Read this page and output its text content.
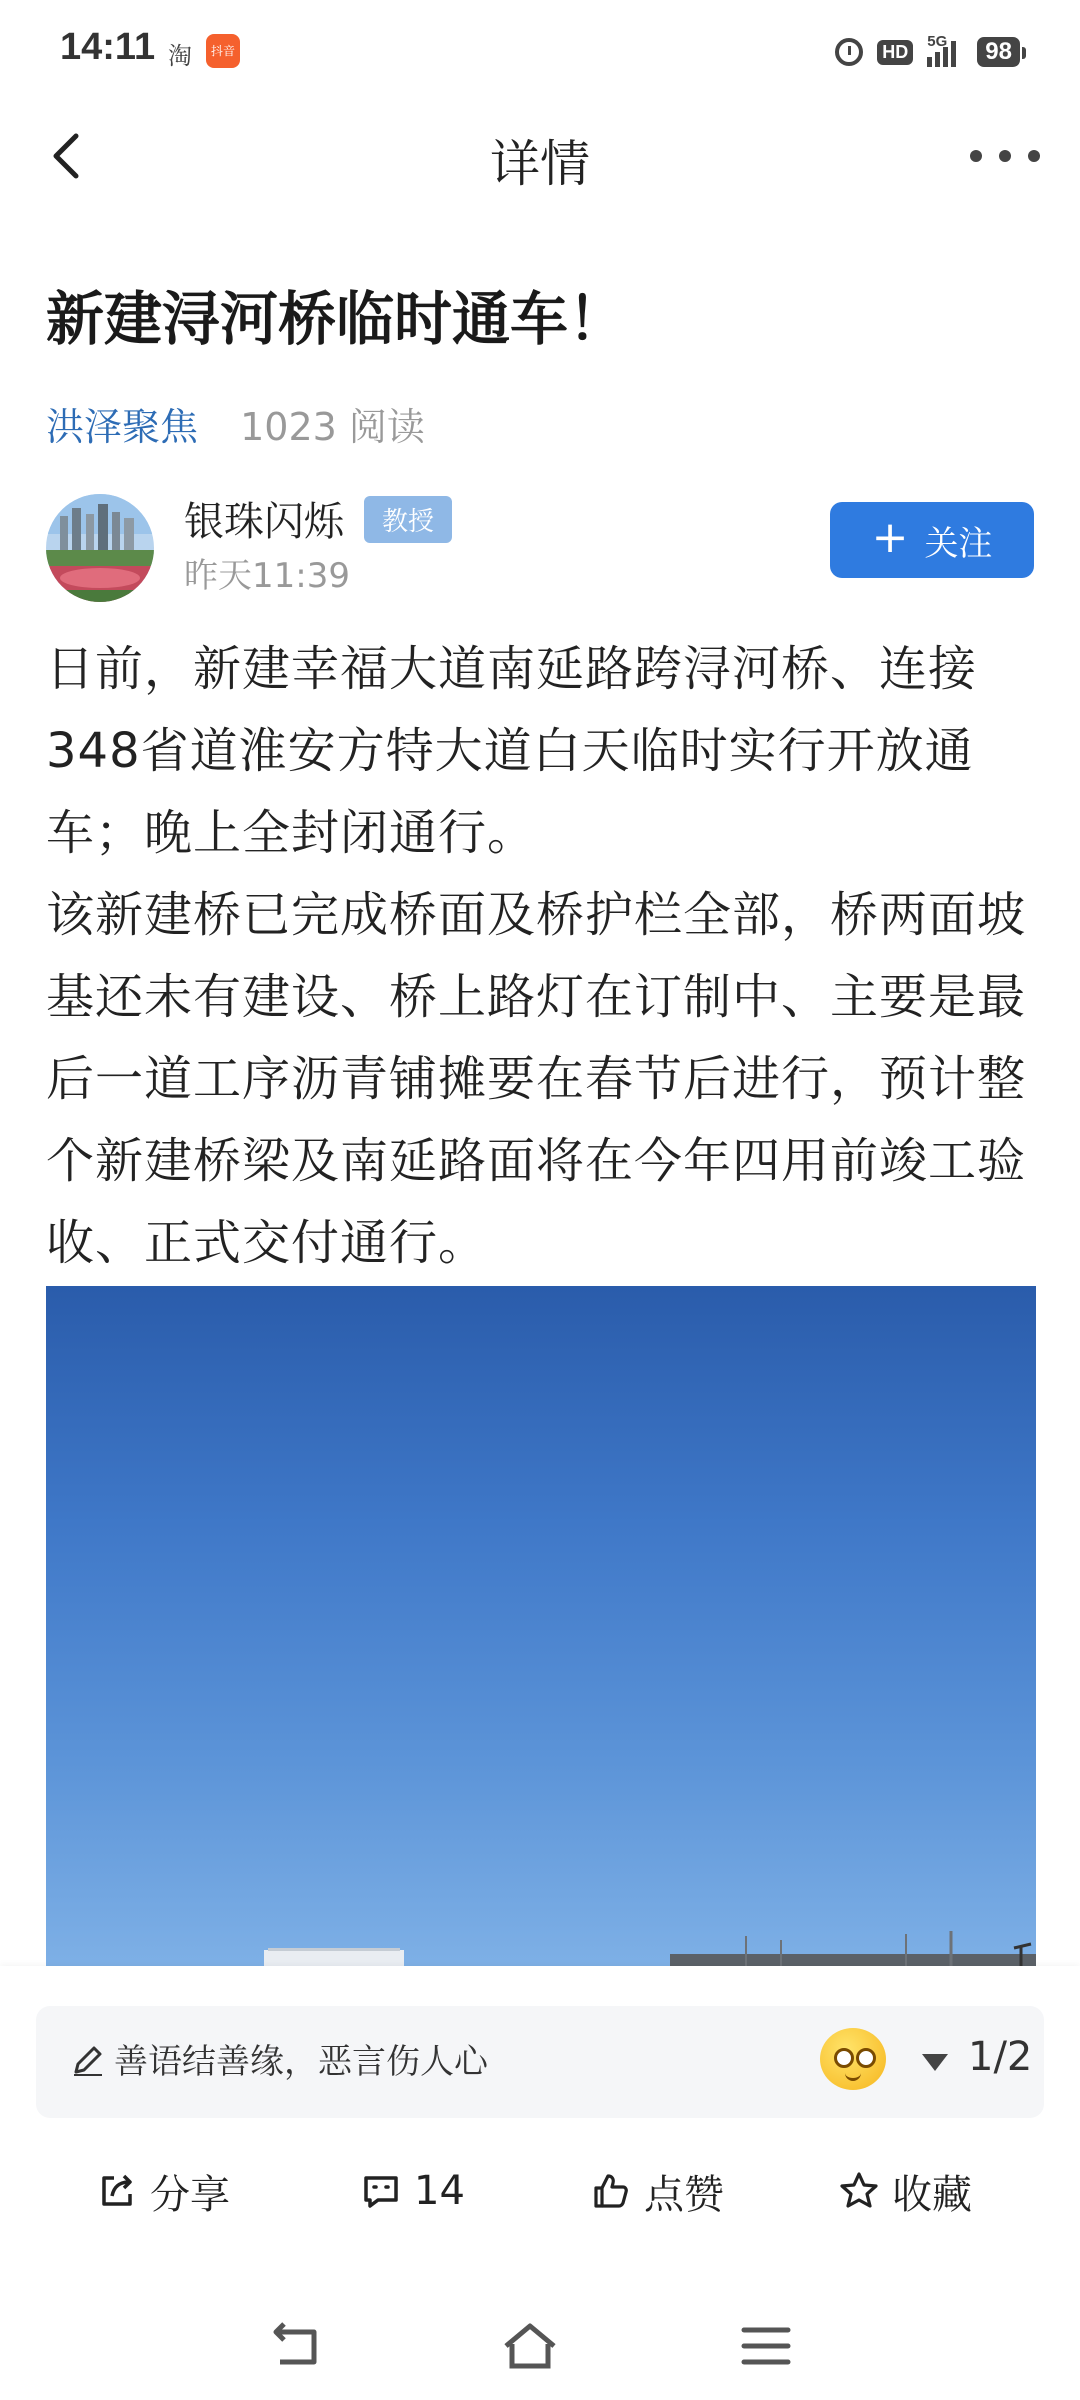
14:11 淘	抖音	HD	5G	98
详情
新建浔河桥临时通车！
洪泽聚焦 1023 阅读
银珠闪烁	教授
昨天11:39
+ 关注

日前，新建幸福大道南延路跨浔河桥、连接348省道淮安方特大道白天临时实行开放通车；晚上全封闭通行。

该新建桥已完成桥面及桥护栏全部，桥两面坡基还未有建设、桥上路灯在订制中、主要是最后一道工序沥青铺摊要在春节后进行，预计整个新建桥梁及南延路面将在今年四用前竣工验收、正式交付通行。

善语结善缘，恶言伤人心	1/2
分享	14	点赞	收藏
